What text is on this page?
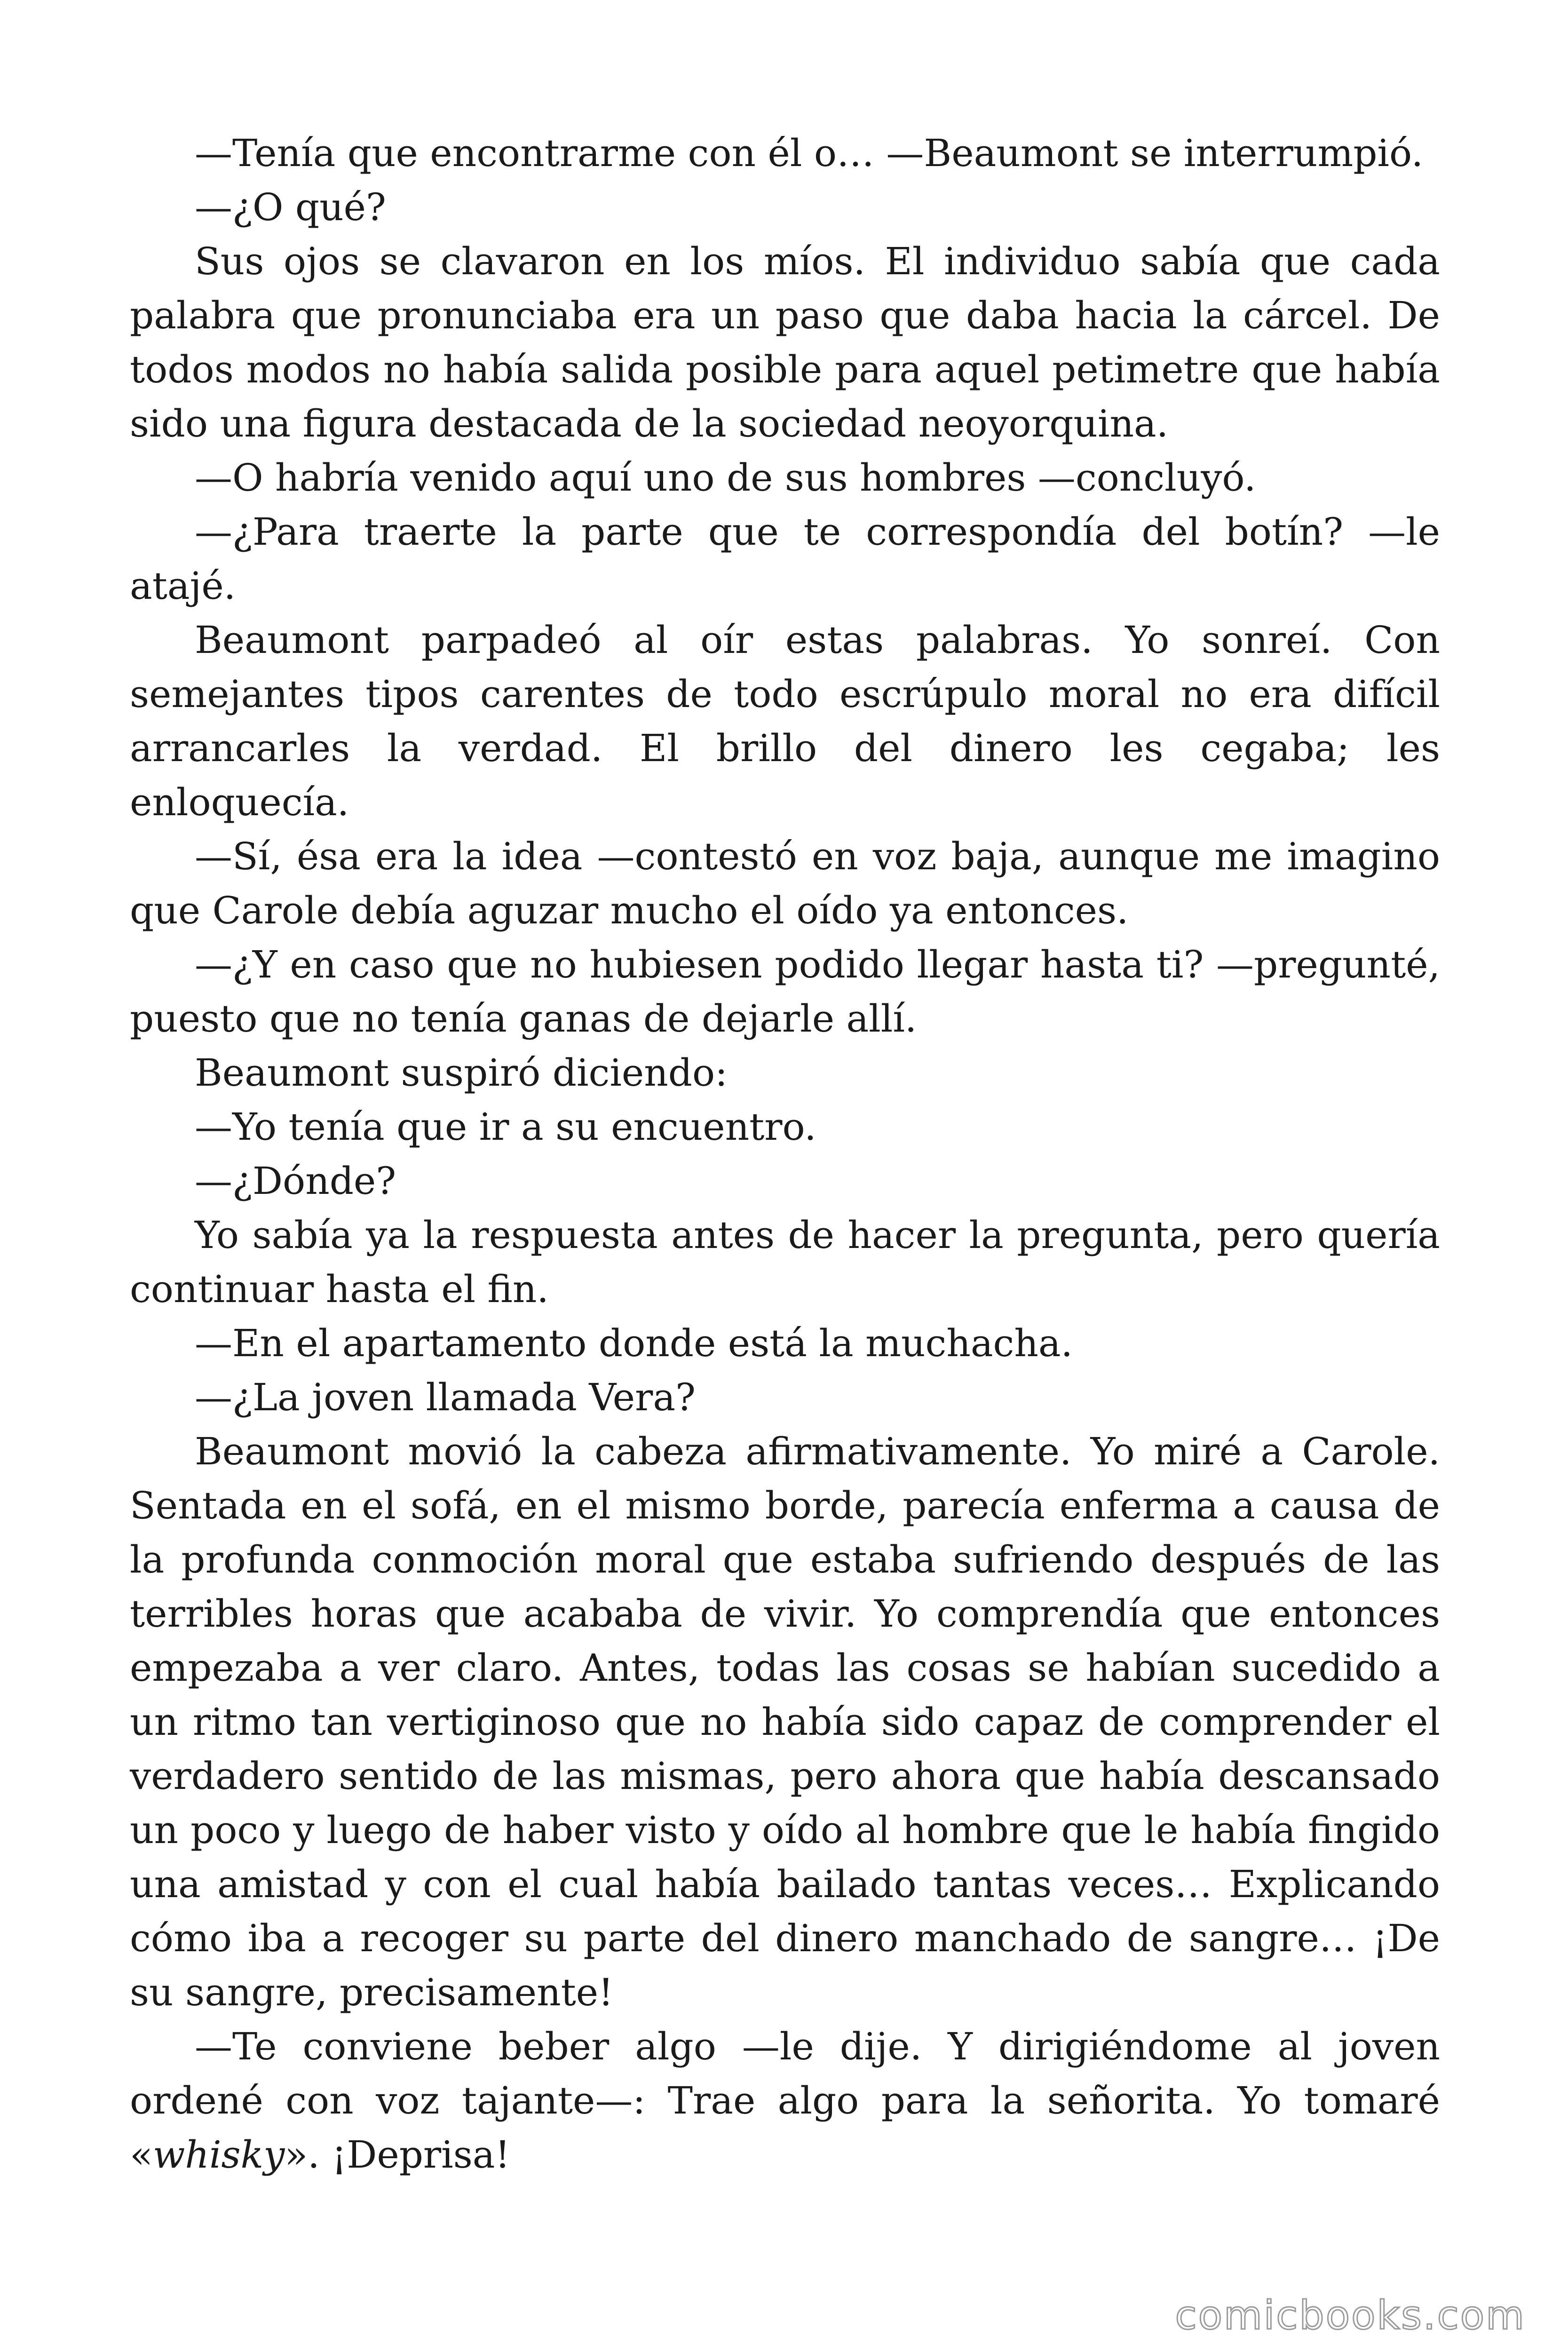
—Tenía que encontrarme con él o… —Beaumont se interrumpió.

—¿O qué?

Sus ojos se clavaron en los míos. El individuo sabía que cada palabra que pronunciaba era un paso que daba hacia la cárcel. De todos modos no había salida posible para aquel petimetre que había sido una figura destacada de la sociedad neoyorquina.

—O habría venido aquí uno de sus hombres —concluyó.

—¿Para traerte la parte que te correspondía del botín? —le atajé.

Beaumont parpadeó al oír estas palabras. Yo sonreí. Con semejantes tipos carentes de todo escrúpulo moral no era difícil arrancarles la verdad. El brillo del dinero les cegaba; les enloquecía.

—Sí, ésa era la idea —contestó en voz baja, aunque me imagino que Carole debía aguzar mucho el oído ya entonces.

—¿Y en caso que no hubiesen podido llegar hasta ti? —pregunté, puesto que no tenía ganas de dejarle allí.

Beaumont suspiró diciendo:

—Yo tenía que ir a su encuentro.

—¿Dónde?

Yo sabía ya la respuesta antes de hacer la pregunta, pero quería continuar hasta el fin.

—En el apartamento donde está la muchacha.

—¿La joven llamada Vera?

Beaumont movió la cabeza afirmativamente. Yo miré a Carole. Sentada en el sofá, en el mismo borde, parecía enferma a causa de la profunda conmoción moral que estaba sufriendo después de las terribles horas que acababa de vivir. Yo comprendía que entonces empezaba a ver claro. Antes, todas las cosas se habían sucedido a un ritmo tan vertiginoso que no había sido capaz de comprender el verdadero sentido de las mismas, pero ahora que había descansado un poco y luego de haber visto y oído al hombre que le había fingido una amistad y con el cual había bailado tantas veces… Explicando cómo iba a recoger su parte del dinero manchado de sangre… ¡De su sangre, precisamente!

—Te conviene beber algo —le dije. Y dirigiéndome al joven ordené con voz tajante—: Trae algo para la señorita. Yo tomaré «whisky». ¡Deprisa!

comicbooks.com
